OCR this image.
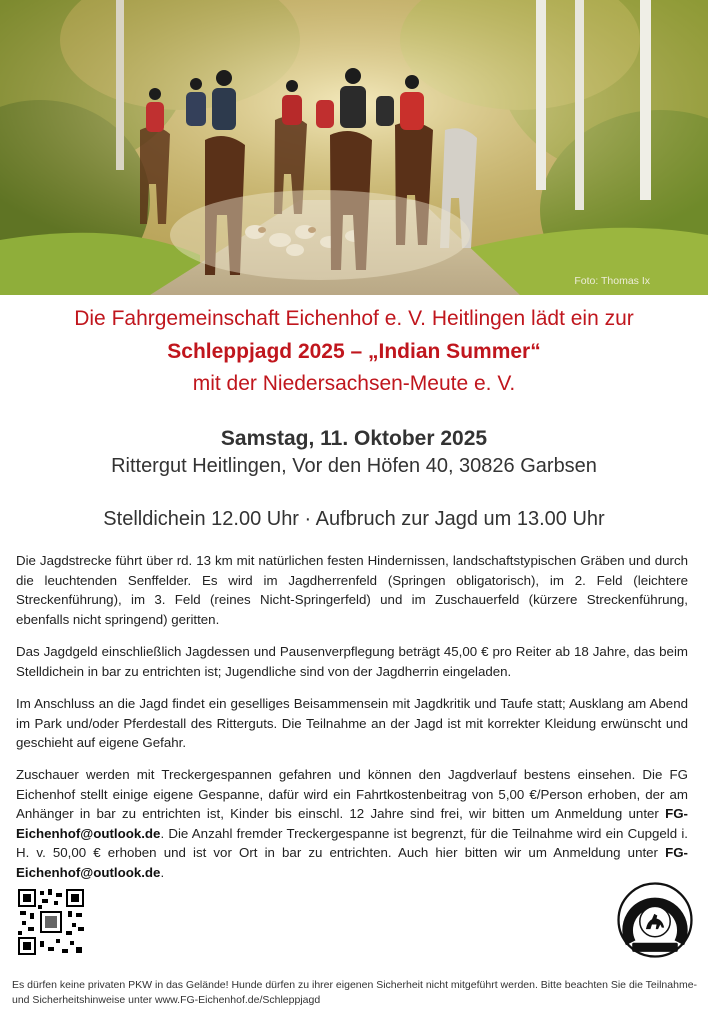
Foto: Thomas Ix
Die Fahrgemeinschaft Eichenhof e. V. Heitlingen lädt ein zur
Schleppjagd 2025 – „Indian Summer“
mit der Niedersachsen-Meute e. V.
Samstag, 11. Oktober 2025
Rittergut Heitlingen, Vor den Höfen 40, 30826 Garbsen
Stelldichein 12.00 Uhr · Aufbruch zur Jagd um 13.00 Uhr
Die Jagdstrecke führt über rd. 13 km mit natürlichen festen Hindernissen, landschaftstypischen Gräben und durch die leuchtenden Senffelder. Es wird im Jagdherrenfeld (Springen obligatorisch), im 2. Feld (leichtere Streckenführung), im 3. Feld (reines Nicht-Springerfeld) und im Zuschauerfeld (kürzere Streckenführung, ebenfalls nicht springend) geritten.
Das Jagdgeld einschließlich Jagdessen und Pausenverpflegung beträgt 45,00 € pro Reiter ab 18 Jahre, das beim Stelldichein in bar zu entrichten ist; Jugendliche sind von der Jagdherrin eingeladen.
Im Anschluss an die Jagd findet ein geselliges Beisammensein mit Jagdkritik und Taufe statt; Ausklang am Abend im Park und/oder Pferdestall des Ritterguts. Die Teilnahme an der Jagd ist mit korrekter Kleidung erwünscht und geschieht auf eigene Gefahr.
Zuschauer werden mit Treckergespannen gefahren und können den Jagdverlauf bestens einsehen. Die FG Eichenhof stellt einige eigene Gespanne, dafür wird ein Fahrtkostenbeitrag von 5,00 €/Person erhoben, der am Anhänger in bar zu entrichten ist, Kinder bis einschl. 12 Jahre sind frei, wir bitten um Anmeldung unter FG-Eichenhof@outlook.de. Die Anzahl fremder Treckergespanne ist begrenzt, für die Teilnahme wird ein Cupgeld i. H. v. 50,00 € erhoben und ist vor Ort in bar zu entrichten. Auch hier bitten wir um Anmeldung unter FG-Eichenhof@outlook.de.
Es dürfen keine privaten PKW in das Gelände! Hunde dürfen zu ihrer eigenen Sicherheit nicht mitgeführt werden. Bitte beachten Sie die Teilnahme- und Sicherheitshinweise unter www.FG-Eichenhof.de/Schleppjagd
